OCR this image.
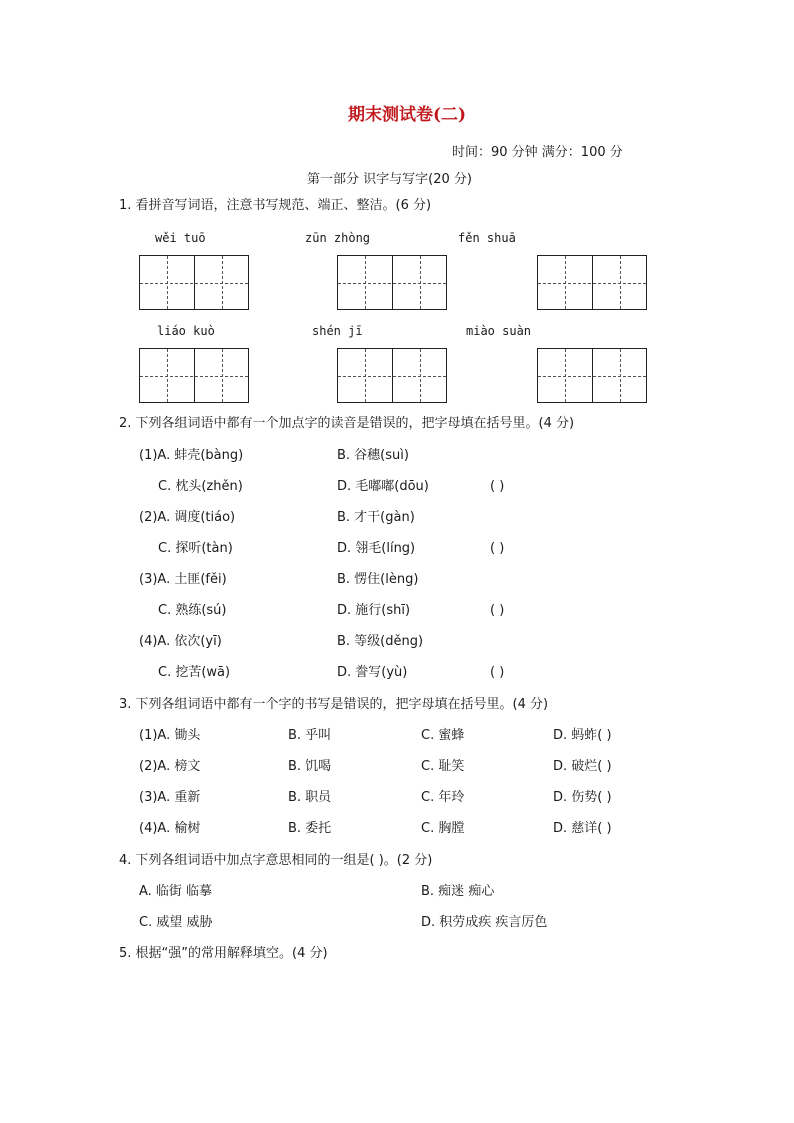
期末测试卷(二)
时间：90 分钟 满分：100 分
第一部分 识字与写字(20 分)
1. 看拼音写词语，注意书写规范、端正、整洁。(6 分)
wěi tuō	zūn zhòng	fěn shuā
liáo kuò	shén jī	miào suàn
2. 下列各组词语中都有一个加点字的读音是错误的，把字母填在括号里。(4 分)
(1)A. 蚌壳(bàng)	B. 谷穗(suì)
C. 枕头(zhěn)	D. 毛嘟嘟(dōu)	( )
(2)A. 调度(tiáo)	B. 才干(gàn)
C. 探听(tàn)	D. 翎毛(líng)	( )
(3)A. 土匪(fěi)	B. 愣住(lèng)
C. 熟练(sú)	D. 施行(shī)	( )
(4)A. 依次(yī)	B. 等级(děng)
C. 挖苦(wā)	D. 誊写(yù)	( )
3. 下列各组词语中都有一个字的书写是错误的，把字母填在括号里。(4 分)
(1)A. 锄头	B. 乎叫	C. 蜜蜂	D. 蚂蚱( )
(2)A. 榜文	B. 饥喝	C. 耻笑	D. 破烂( )
(3)A. 重新	B. 职员	C. 年玲	D. 伤势( )
(4)A. 榆树	B. 委托	C. 胸膛	D. 慈详( )
4. 下列各组词语中加点字意思相同的一组是( )。(2 分)
A. 临街 临摹	B. 痴迷 痴心
C. 威望 威胁	D. 积劳成疾 疾言厉色
5. 根据“强”的常用解释填空。(4 分)
